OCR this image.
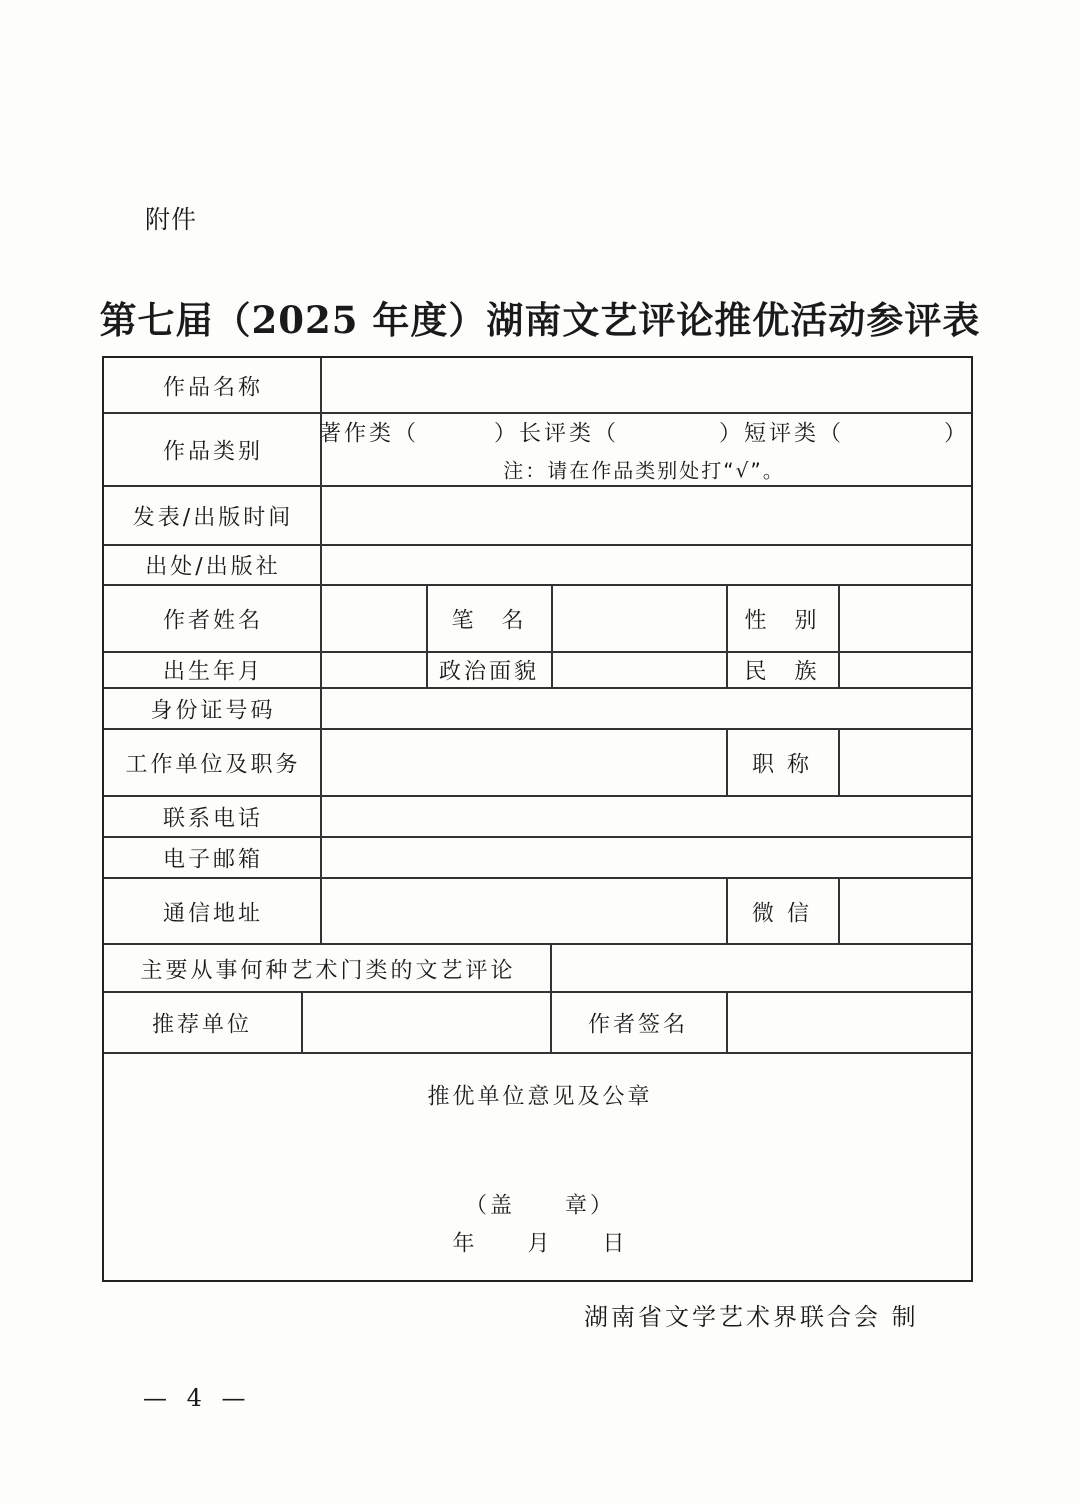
附件
第七届（2025 年度）湖南文艺评论推优活动参评表
作品名称
作品类别
著作类（　　　）长评类（　　　　）短评类（　　　　）
注：请在作品类别处打“√”。
发表/出版时间
出处/出版社
作者姓名	笔　名	性　别
出生年月	政治面貌	民　族
身份证号码
工作单位及职务	职 称
联系电话
电子邮箱
通信地址	微 信
主要从事何种艺术门类的文艺评论
推荐单位	作者签名
推优单位意见及公章
（盖　　章）
年　　月　　日
湖南省文学艺术界联合会 制
— 4 —
